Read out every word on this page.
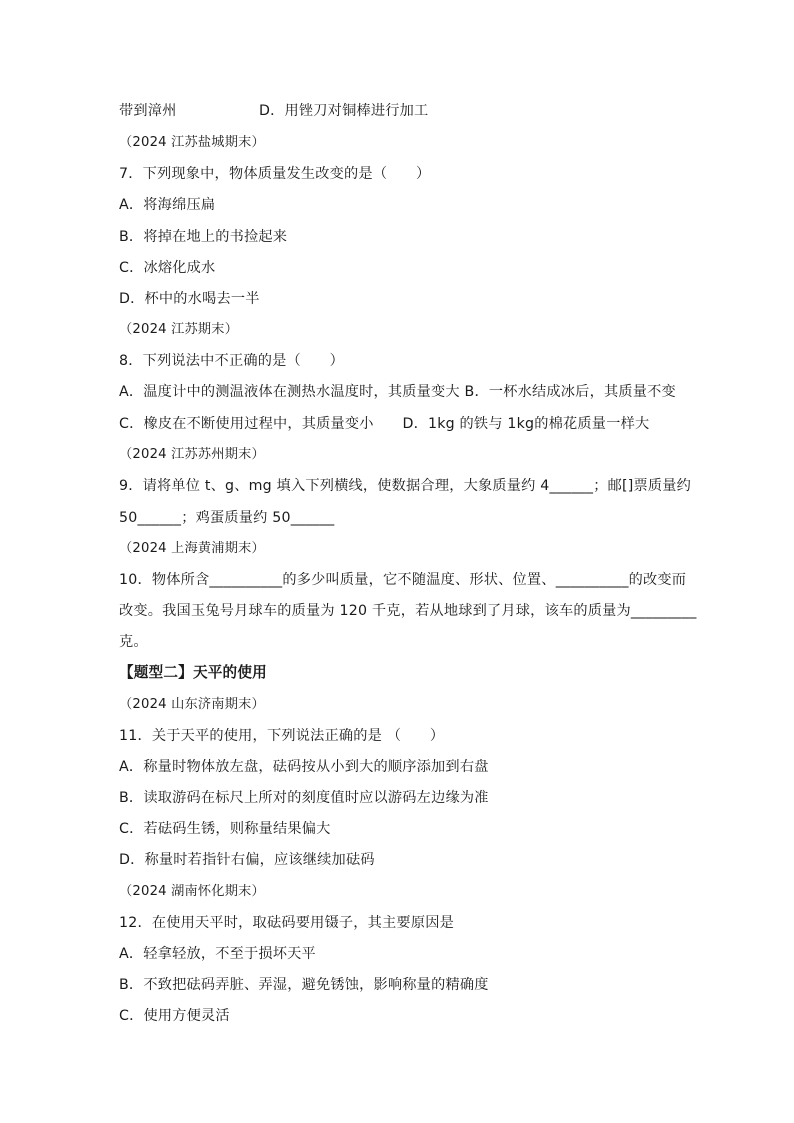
带到漳州	D．用锉刀对铜棒进行加工
（2024 江苏盐城期末）
7．下列现象中，物体质量发生改变的是（　　）
A．将海绵压扁
B．将掉在地上的书捡起来
C．冰熔化成水
D．杯中的水喝去一半
（2024 江苏期末）
8．下列说法中不正确的是（　　）
A．温度计中的测温液体在测热水温度时，其质量变大 B．一杯水结成冰后，其质量不变
C．橡皮在不断使用过程中，其质量变小　　D．1kg 的铁与 1kg的棉花质量一样大
（2024 江苏苏州期末）
9．请将单位 t、g、mg 填入下列横线，使数据合理，大象质量约 4______；邮[]票质量约
50______；鸡蛋质量约 50______
（2024 上海黄浦期末）
10．物体所含__________的多少叫质量，它不随温度、形状、位置、__________的改变而
改变。我国玉兔号月球车的质量为 120 千克，若从地球到了月球，该车的质量为_________
克。
【题型二】天平的使用
（2024 山东济南期末）
11．关于天平的使用，下列说法正确的是 （　　）
A．称量时物体放左盘，砝码按从小到大的顺序添加到右盘
B．读取游码在标尺上所对的刻度值时应以游码左边缘为准
C．若砝码生锈，则称量结果偏大
D．称量时若指针右偏，应该继续加砝码
（2024 湖南怀化期末）
12．在使用天平时，取砝码要用镊子，其主要原因是
A．轻拿轻放，不至于损坏天平
B．不致把砝码弄脏、弄湿，避免锈蚀，影响称量的精确度
C．使用方便灵活
